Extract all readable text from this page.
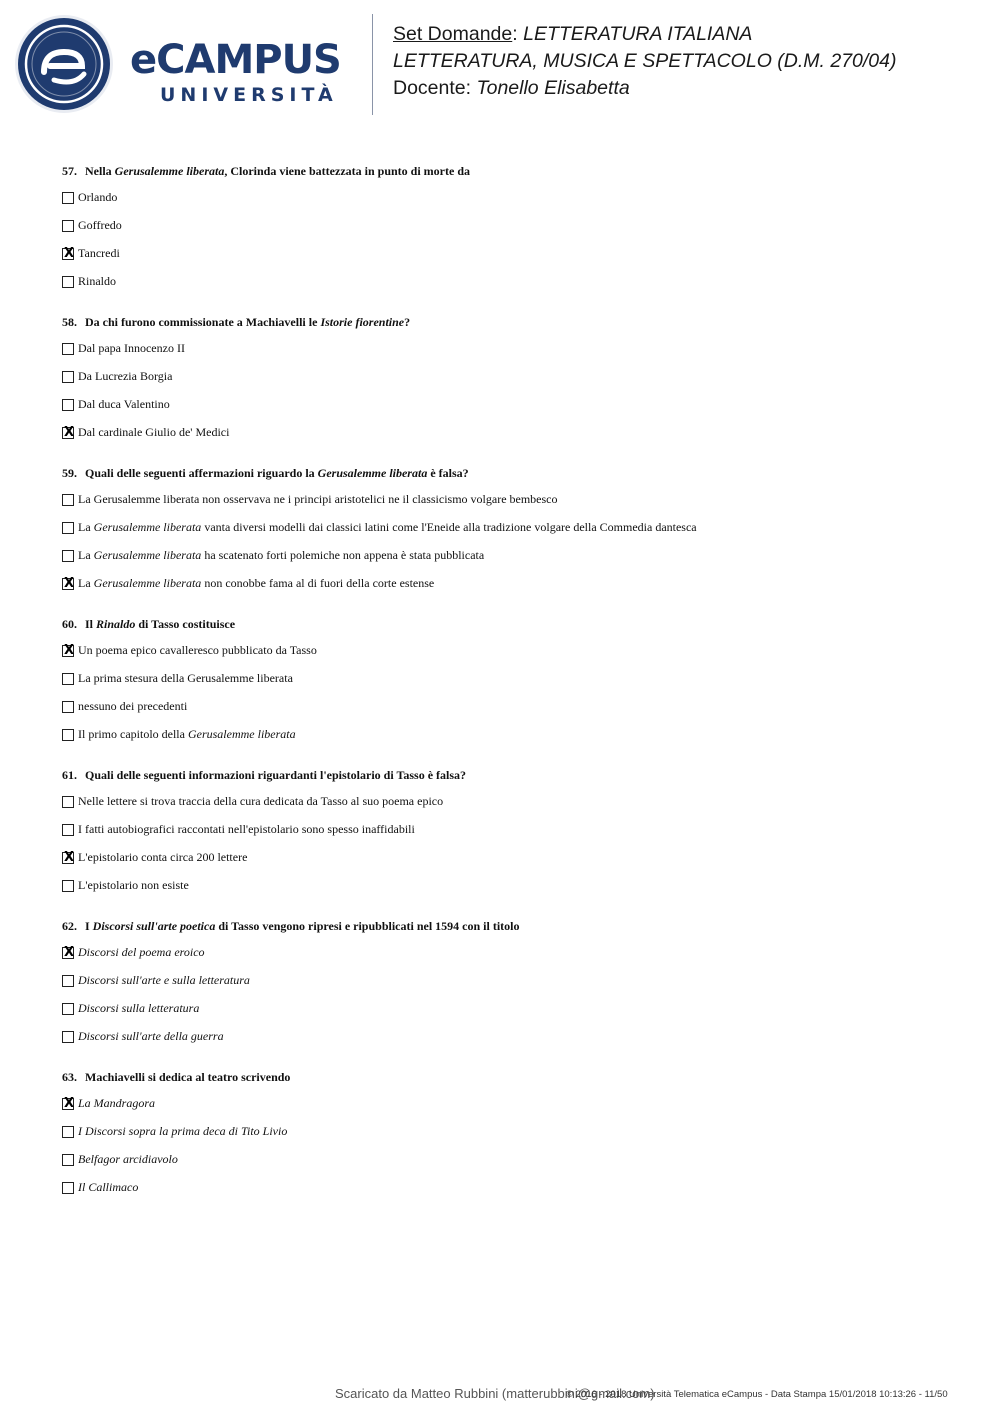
eCAMPUS
UNIVERSITÀ
Set Domande: LETTERATURA ITALIANA
LETTERATURA, MUSICA E SPETTACOLO (D.M. 270/04)
Docente: Tonello Elisabetta
57. Nella Gerusalemme liberata, Clorinda viene battezzata in punto di morte da
Orlando
Goffredo
X
Tancredi
Rinaldo
58. Da chi furono commissionate a Machiavelli le Istorie fiorentine?
Dal papa Innocenzo II
Da Lucrezia Borgia
Dal duca Valentino
X
Dal cardinale Giulio de' Medici
59. Quali delle seguenti affermazioni riguardo la Gerusalemme liberata è falsa?
La Gerusalemme liberata non osservava ne i principi aristotelici ne il classicismo volgare bembesco
La Gerusalemme liberata vanta diversi modelli dai classici latini come l'Eneide alla tradizione volgare della Commedia dantesca
La Gerusalemme liberata ha scatenato forti polemiche non appena è stata pubblicata
X
La Gerusalemme liberata non conobbe fama al di fuori della corte estense
60. Il Rinaldo di Tasso costituisce
X
Un poema epico cavalleresco pubblicato da Tasso
La prima stesura della Gerusalemme liberata
nessuno dei precedenti
Il primo capitolo della Gerusalemme liberata
61. Quali delle seguenti informazioni riguardanti l'epistolario di Tasso è falsa?
Nelle lettere si trova traccia della cura dedicata da Tasso al suo poema epico
I fatti autobiografici raccontati nell'epistolario sono spesso inaffidabili
X
L'epistolario conta circa 200 lettere
L'epistolario non esiste
62. I Discorsi sull'arte poetica di Tasso vengono ripresi e ripubblicati nel 1594 con il titolo
X
Discorsi del poema eroico
Discorsi sull'arte e sulla letteratura
Discorsi sulla letteratura
Discorsi sull'arte della guerra
63. Machiavelli si dedica al teatro scrivendo
X
La Mandragora
I Discorsi sopra la prima deca di Tito Livio
Belfagor arcidiavolo
Il Callimaco
Scaricato da Matteo Rubbini (matterubbini@gmail.com)
© 2016 - 2018 Università Telematica eCampus - Data Stampa 15/01/2018 10:13:26 - 11/50
